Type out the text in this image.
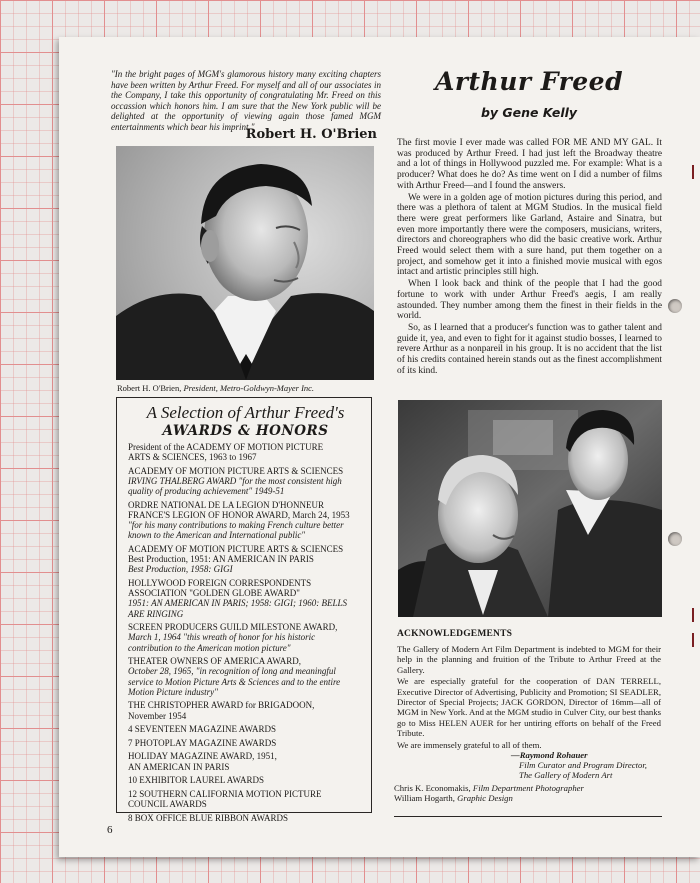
"In the bright pages of MGM's glamorous history many exciting chapters have been written by Arthur Freed. For myself and all of our associates in the Company, I take this opportunity of congratulating Mr. Freed on this occassion which honors him. I am sure that the New York public will be delighted at the opportunity of viewing again those famed MGM entertainments which bear his imprint."

Robert H. O'Brien

Robert H. O'Brien, President, Metro-Goldwyn-Mayer Inc.

A Selection of Arthur Freed's

AWARDS & HONORS

President of the ACADEMY OF MOTION PICTURE
ARTS & SCIENCES, 1963 to 1967
ACADEMY OF MOTION PICTURE ARTS & SCIENCES
IRVING THALBERG AWARD "for the most consistent high quality of producing achievement" 1949-51
ORDRE NATIONAL DE LA LEGION D'HONNEUR
FRANCE'S LEGION OF HONOR AWARD, March 24, 1953
"for his many contributions to making French culture better known to the American and International public"
ACADEMY OF MOTION PICTURE ARTS & SCIENCES
Best Production, 1951: AN AMERICAN IN PARIS
Best Production, 1958: GIGI
HOLLYWOOD FOREIGN CORRESPONDENTS
ASSOCIATION "GOLDEN GLOBE AWARD"
1951: AN AMERICAN IN PARIS; 1958: GIGI; 1960: BELLS ARE RINGING
SCREEN PRODUCERS GUILD MILESTONE AWARD,
March 1, 1964 "this wreath of honor for his historic
contribution to the American motion picture"
THEATER OWNERS OF AMERICA AWARD,
October 28, 1965, "in recognition of long and meaningful service to Motion Picture Arts & Sciences and to the entire Motion Picture industry"
THE CHRISTOPHER AWARD for BRIGADOON,
November 1954
4 SEVENTEEN MAGAZINE AWARDS
7 PHOTOPLAY MAGAZINE AWARDS
HOLIDAY MAGAZINE AWARD, 1951,
AN AMERICAN IN PARIS
10 EXHIBITOR LAUREL AWARDS
12 SOUTHERN CALIFORNIA MOTION PICTURE
COUNCIL AWARDS
8 BOX OFFICE BLUE RIBBON AWARDS

6

Arthur Freed

by Gene Kelly

The first movie I ever made was called FOR ME AND MY GAL. It was produced by Arthur Freed. I had just left the Broadway theatre and a lot of things in Hollywood puzzled me. For example: What is a producer? What does he do? As time went on I did a number of films with Arthur Freed—and I found the answers.

We were in a golden age of motion pictures during this period, and there was a plethora of talent at MGM Studios. In the musical field there were great performers like Garland, Astaire and Sinatra, but even more importantly there were the composers, musicians, writers, directors and choreographers who did the basic creative work. Arthur Freed would select them with a sure hand, put them together on a project, and somehow get it into a finished movie musical with egos intact and artistic principles still high.

When I look back and think of the people that I had the good fortune to work with under Arthur Freed's aegis, I am really astounded. They number among them the finest in their fields in the world.

So, as I learned that a producer's function was to gather talent and guide it, yea, and even to fight for it against studio bosses, I learned to revere Arthur as a nonpareil in his group. It is no accident that the list of his credits contained herein stands out as the finest accomplishment of its kind.

ACKNOWLEDGEMENTS

The Gallery of Modern Art Film Department is indebted to MGM for their help in the planning and fruition of the Tribute to Arthur Freed at the Gallery.

We are especially grateful for the cooperation of DAN TERRELL, Executive Director of Advertising, Publicity and Promotion; SI SEADLER, Director of Special Projects; JACK GORDON, Director of 16mm—all of MGM in New York. And at the MGM studio in Culver City, our best thanks go to Miss HELEN AUER for her untiring efforts on behalf of the Freed Tribute.

We are immensely grateful to all of them.

—Raymond Rohauer
Film Curator and Program Director,
The Gallery of Modern Art
Chris K. Economakis, Film Department Photographer
William Hogarth, Graphic Design
